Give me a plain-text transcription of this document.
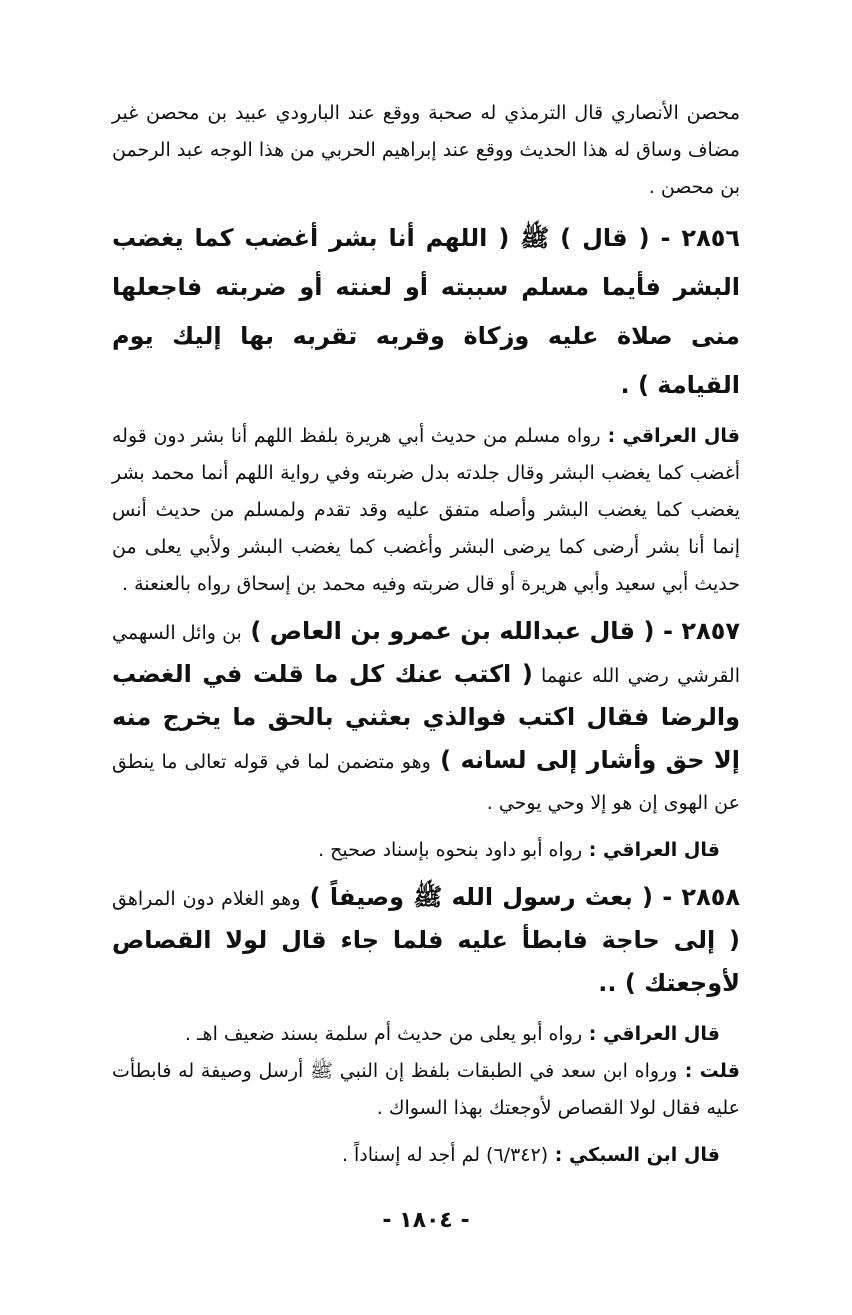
محصن الأنصاري قال الترمذي له صحبة ووقع عند البارودي عبيد بن محصن غير مضاف وساق له هذا الحديث ووقع عند إبراهيم الحربي من هذا الوجه عبد الرحمن بن محصن .

٢٨٥٦ - ( قال ) ﷺ ( اللهم أنا بشر أغضب كما يغضب البشر فأيما مسلم سببته أو لعنته أو ضربته فاجعلها منى صلاة عليه وزكاة وقربه تقربه بها إليك يوم القيامة ) .

قال العراقي : رواه مسلم من حديث أبي هريرة بلفظ اللهم أنا بشر دون قوله أغضب كما يغضب البشر وقال جلدته بدل ضربته وفي رواية اللهم أنما محمد بشر يغضب كما يغضب البشر وأصله متفق عليه وقد تقدم ولمسلم من حديث أنس إنما أنا بشر أرضى كما يرضى البشر وأغضب كما يغضب البشر ولأبي يعلى من حديث أبي سعيد وأبي هريرة أو قال ضربته وفيه محمد بن إسحاق رواه بالعنعنة .

٢٨٥٧ - ( قال عبدالله بن عمرو بن العاص ) بن وائل السهمي القرشي رضي الله عنهما ( اكتب عنك كل ما قلت في الغضب والرضا فقال اكتب فوالذي بعثني بالحق ما يخرج منه إلا حق وأشار إلى لسانه ) وهو متضمن لما في قوله تعالى ما ينطق عن الهوى إن هو إلا وحي يوحي .

قال العراقي : رواه أبو داود بنحوه بإسناد صحيح .

٢٨٥٨ - ( بعث رسول الله ﷺ وصيفاً ) وهو الغلام دون المراهق ( إلى حاجة فابطأ عليه فلما جاء قال لولا القصاص لأوجعتك ) ..

قال العراقي : رواه أبو يعلى من حديث أم سلمة بسند ضعيف اهـ .

قلت : ورواه ابن سعد في الطبقات بلفظ إن النبي ﷺ أرسل وصيفة له فابطأت عليه فقال لولا القصاص لأوجعتك بهذا السواك .

قال ابن السبكي : (٦/٣٤٢) لم أجد له إسناداً .

- ١٨٠٤ -
